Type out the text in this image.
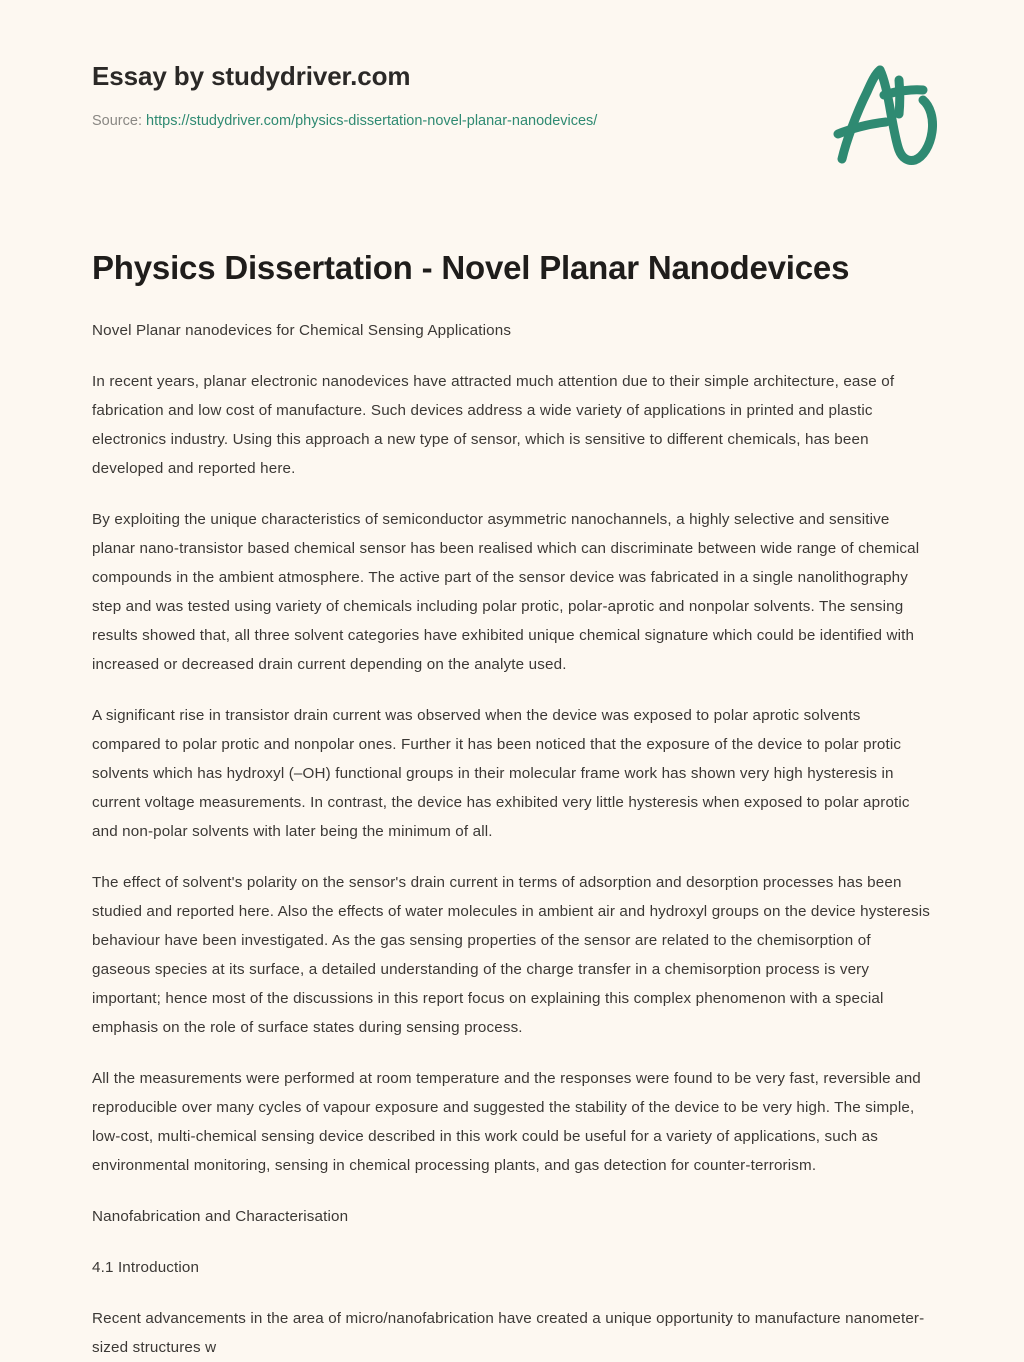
Essay by studydriver.com
Source: https://studydriver.com/physics-dissertation-novel-planar-nanodevices/
Physics Dissertation - Novel Planar Nanodevices

Novel Planar nanodevices for Chemical Sensing Applications

In recent years, planar electronic nanodevices have attracted much attention due to their simple architecture, ease of fabrication and low cost of manufacture. Such devices address a wide variety of applications in printed and plastic electronics industry. Using this approach a new type of sensor, which is sensitive to different chemicals, has been developed and reported here.

By exploiting the unique characteristics of semiconductor asymmetric nanochannels, a highly selective and sensitive planar nano-transistor based chemical sensor has been realised which can discriminate between wide range of chemical compounds in the ambient atmosphere. The active part of the sensor device was fabricated in a single nanolithography step and was tested using variety of chemicals including polar protic, polar-aprotic and nonpolar solvents. The sensing results showed that, all three solvent categories have exhibited unique chemical signature which could be identified with increased or decreased drain current depending on the analyte used.

A significant rise in transistor drain current was observed when the device was exposed to polar aprotic solvents compared to polar protic and nonpolar ones. Further it has been noticed that the exposure of the device to polar protic solvents which has hydroxyl (–OH) functional groups in their molecular frame work has shown very high hysteresis in current voltage measurements. In contrast, the device has exhibited very little hysteresis when exposed to polar aprotic and non-polar solvents with later being the minimum of all.

The effect of solvent's polarity on the sensor's drain current in terms of adsorption and desorption processes has been studied and reported here. Also the effects of water molecules in ambient air and hydroxyl groups on the device hysteresis behaviour have been investigated. As the gas sensing properties of the sensor are related to the chemisorption of gaseous species at its surface, a detailed understanding of the charge transfer in a chemisorption process is very important; hence most of the discussions in this report focus on explaining this complex phenomenon with a special emphasis on the role of surface states during sensing process.

All the measurements were performed at room temperature and the responses were found to be very fast, reversible and reproducible over many cycles of vapour exposure and suggested the stability of the device to be very high. The simple, low-cost, multi-chemical sensing device described in this work could be useful for a variety of applications, such as environmental monitoring, sensing in chemical processing plants, and gas detection for counter-terrorism.

Nanofabrication and Characterisation

4.1 Introduction

Recent advancements in the area of micro/nanofabrication have created a unique opportunity to manufacture nanometer-sized structures w
